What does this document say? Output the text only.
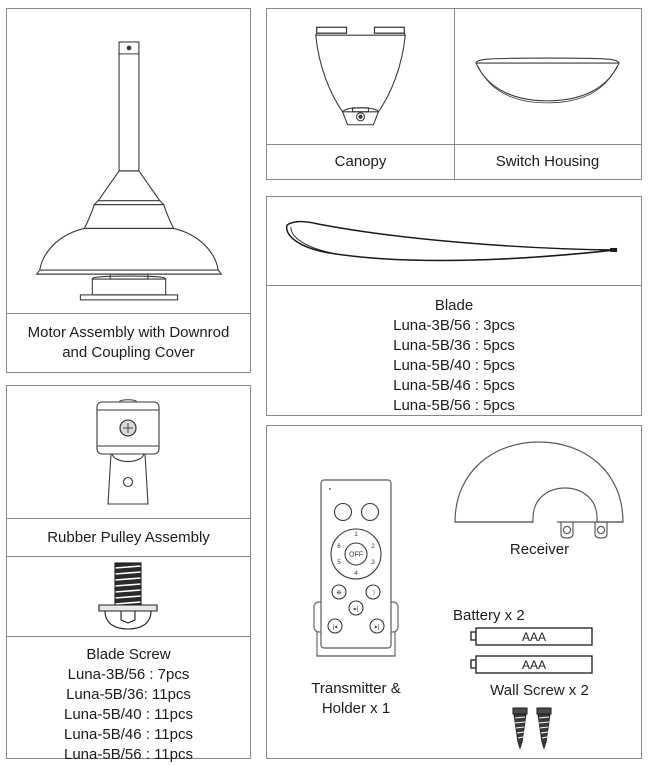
Motor Assembly with Downrod
and Coupling Cover
Canopy	Switch Housing
Blade
Luna-3B/56 : 3pcs
Luna-5B/36 : 5pcs
Luna-5B/40 : 5pcs
Luna-5B/46 : 5pcs
Luna-5B/56 : 5pcs
Rubber Pulley Assembly
Blade Screw
Luna-3B/56 : 7pcs
Luna-5B/36: 11pcs
Luna-5B/40 : 11pcs
Luna-5B/46 : 11pcs
Luna-5B/56 : 11pcs
OFF
1
2
3
4
5
6
❉	☽
▸|
|◂	▸|
Transmitter &
Holder x 1
Receiver
Battery x 2
AAA
AAA
Wall Screw x 2
